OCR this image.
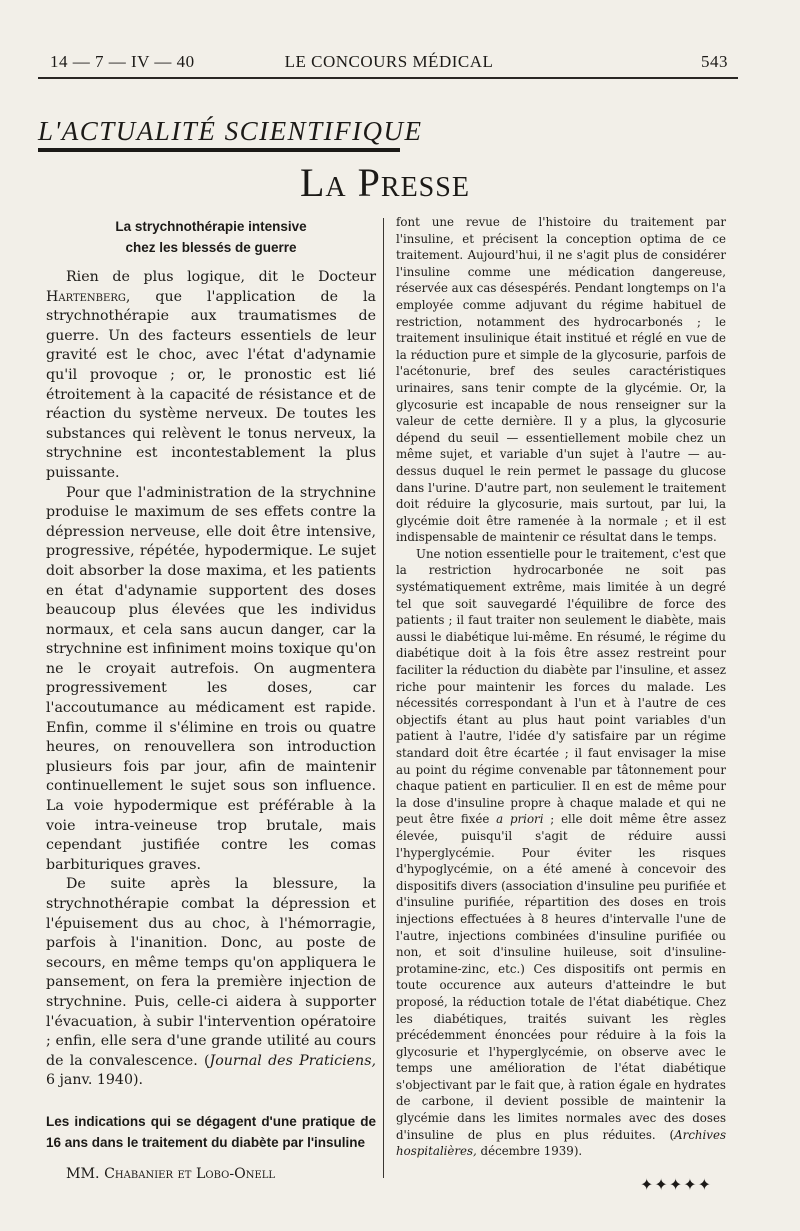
14 — 7 — IV — 40	LE CONCOURS MÉDICAL	543
L'ACTUALITÉ SCIENTIFIQUE
La Presse

La strychnothérapie intensive
chez les blessés de guerre

Rien de plus logique, dit le Docteur Hartenberg, que l'application de la strychnothérapie aux traumatismes de guerre. Un des facteurs essentiels de leur gravité est le choc, avec l'état d'adynamie qu'il provoque ; or, le pronostic est lié étroitement à la capacité de résistance et de réaction du système nerveux. De toutes les substances qui relèvent le tonus nerveux, la strychnine est incontestablement la plus puissante.

Pour que l'administration de la strychnine produise le maximum de ses effets contre la dépression nerveuse, elle doit être intensive, progressive, répétée, hypodermique. Le sujet doit absorber la dose maxima, et les patients en état d'adynamie supportent des doses beaucoup plus élevées que les individus normaux, et cela sans aucun danger, car la strychnine est infiniment moins toxique qu'on ne le croyait autrefois. On augmentera progressivement les doses, car l'accoutumance au médicament est rapide. Enfin, comme il s'élimine en trois ou quatre heures, on renouvellera son introduction plusieurs fois par jour, afin de maintenir continuellement le sujet sous son influence. La voie hypodermique est préférable à la voie intra-veineuse trop brutale, mais cependant justifiée contre les comas barbituriques graves.

De suite après la blessure, la strychnothérapie combat la dépression et l'épuisement dus au choc, à l'hémorragie, parfois à l'inanition. Donc, au poste de secours, en même temps qu'on appliquera le pansement, on fera la première injection de strychnine. Puis, celle-ci aidera à supporter l'évacuation, à subir l'intervention opératoire ; enfin, elle sera d'une grande utilité au cours de la convalescence. (Journal des Praticiens, 6 janv. 1940).

Les indications qui se dégagent d'une pratique de 16 ans dans le traitement du diabète par l'insuline

MM. Chabanier et Lobo-Onell

font une revue de l'histoire du traitement par l'insuline, et précisent la conception optima de ce traitement. Aujourd'hui, il ne s'agit plus de considérer l'insuline comme une médication dangereuse, réservée aux cas désespérés. Pendant longtemps on l'a employée comme adjuvant du régime habituel de restriction, notamment des hydrocarbonés ; le traitement insulinique était institué et réglé en vue de la réduction pure et simple de la glycosurie, parfois de l'acétonurie, bref des seules caractéristiques urinaires, sans tenir compte de la glycémie. Or, la glycosurie est incapable de nous renseigner sur la valeur de cette dernière. Il y a plus, la glycosurie dépend du seuil — essentiellement mobile chez un même sujet, et variable d'un sujet à l'autre — au-dessus duquel le rein permet le passage du glucose dans l'urine. D'autre part, non seulement le traitement doit réduire la glycosurie, mais surtout, par lui, la glycémie doit être ramenée à la normale ; et il est indispensable de maintenir ce résultat dans le temps.

Une notion essentielle pour le traitement, c'est que la restriction hydrocarbonée ne soit pas systématiquement extrême, mais limitée à un degré tel que soit sauvegardé l'équilibre de force des patients ; il faut traiter non seulement le diabète, mais aussi le diabétique lui-même. En résumé, le régime du diabétique doit à la fois être assez restreint pour faciliter la réduction du diabète par l'insuline, et assez riche pour maintenir les forces du malade. Les nécessités correspondant à l'un et à l'autre de ces objectifs étant au plus haut point variables d'un patient à l'autre, l'idée d'y satisfaire par un régime standard doit être écartée ; il faut envisager la mise au point du régime convenable par tâtonnement pour chaque patient en particulier. Il en est de même pour la dose d'insuline propre à chaque malade et qui ne peut être fixée a priori ; elle doit même être assez élevée, puisqu'il s'agit de réduire aussi l'hyperglycémie. Pour éviter les risques d'hypoglycémie, on a été amené à concevoir des dispositifs divers (association d'insuline peu purifiée et d'insuline purifiée, répartition des doses en trois injections effectuées à 8 heures d'intervalle l'une de l'autre, injections combinées d'insuline purifiée ou non, et soit d'insuline huileuse, soit d'insuline-protamine-zinc, etc.) Ces dispositifs ont permis en toute occurence aux auteurs d'atteindre le but proposé, la réduction totale de l'état diabétique. Chez les diabétiques, traités suivant les règles précédemment énoncées pour réduire à la fois la glycosurie et l'hyperglycémie, on observe avec le temps une amélioration de l'état diabétique s'objectivant par le fait que, à ration égale en hydrates de carbone, il devient possible de maintenir la glycémie dans les limites normales avec des doses d'insuline de plus en plus réduites. (Archives hospitalières, décembre 1939).

✦✦✦✦✦
